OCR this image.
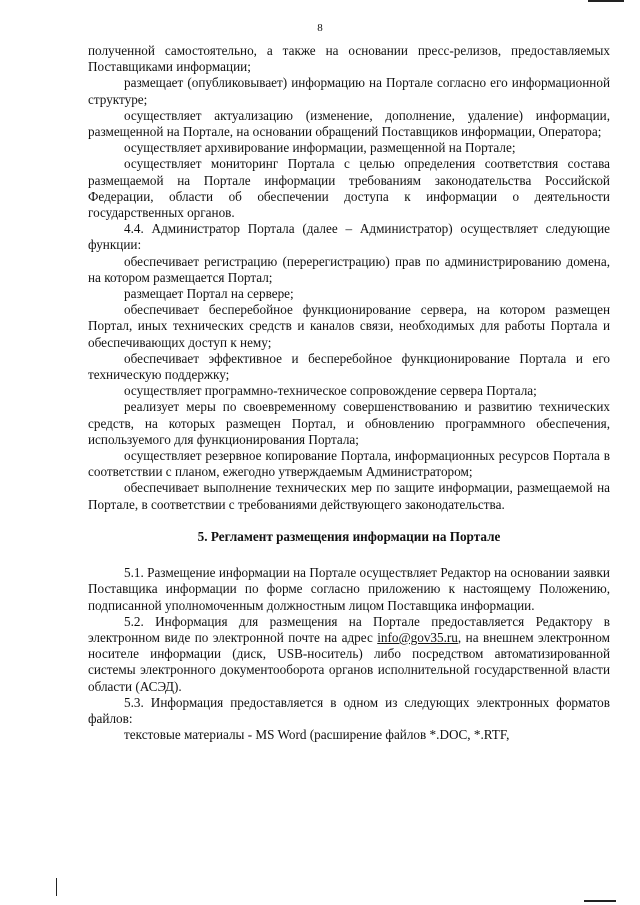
8

полученной самостоятельно, а также на основании пресс-релизов, предоставляемых Поставщиками информации;

размещает (опубликовывает) информацию на Портале согласно его информационной структуре;

осуществляет актуализацию (изменение, дополнение, удаление) информации, размещенной на Портале, на основании обращений Поставщиков информации, Оператора;

осуществляет архивирование информации, размещенной на Портале;

осуществляет мониторинг Портала с целью определения соответствия состава размещаемой на Портале информации требованиям законодательства Российской Федерации, области об обеспечении доступа к информации о деятельности государственных органов.

4.4. Администратор Портала (далее – Администратор) осуществляет следующие функции:

обеспечивает регистрацию (перерегистрацию) прав по администрированию домена, на котором размещается Портал;

размещает Портал на сервере;

обеспечивает бесперебойное функционирование сервера, на котором размещен Портал, иных технических средств и каналов связи, необходимых для работы Портала и обеспечивающих доступ к нему;

обеспечивает эффективное и бесперебойное функционирование Портала и его техническую поддержку;

осуществляет программно-техническое сопровождение сервера Портала;

реализует меры по своевременному совершенствованию и развитию технических средств, на которых размещен Портал, и обновлению программного обеспечения, используемого для функционирования Портала;

осуществляет резервное копирование Портала, информационных ресурсов Портала в соответствии с планом, ежегодно утверждаемым Администратором;

обеспечивает выполнение технических мер по защите информации, размещаемой на Портале, в соответствии с требованиями действующего законодательства.

5. Регламент размещения информации на Портале

5.1. Размещение информации на Портале осуществляет Редактор на основании заявки Поставщика информации по форме согласно приложению к настоящему Положению, подписанной уполномоченным должностным лицом Поставщика информации.

5.2. Информация для размещения на Портале предоставляется Редактору в электронном виде по электронной почте на адрес info@gov35.ru, на внешнем электронном носителе информации (диск, USB-носитель) либо посредством автоматизированной системы электронного документооборота органов исполнительной государственной власти области (АСЭД).

5.3. Информация предоставляется в одном из следующих электронных форматов файлов:

текстовые материалы - MS Word (расширение файлов *.DOC, *.RTF,
